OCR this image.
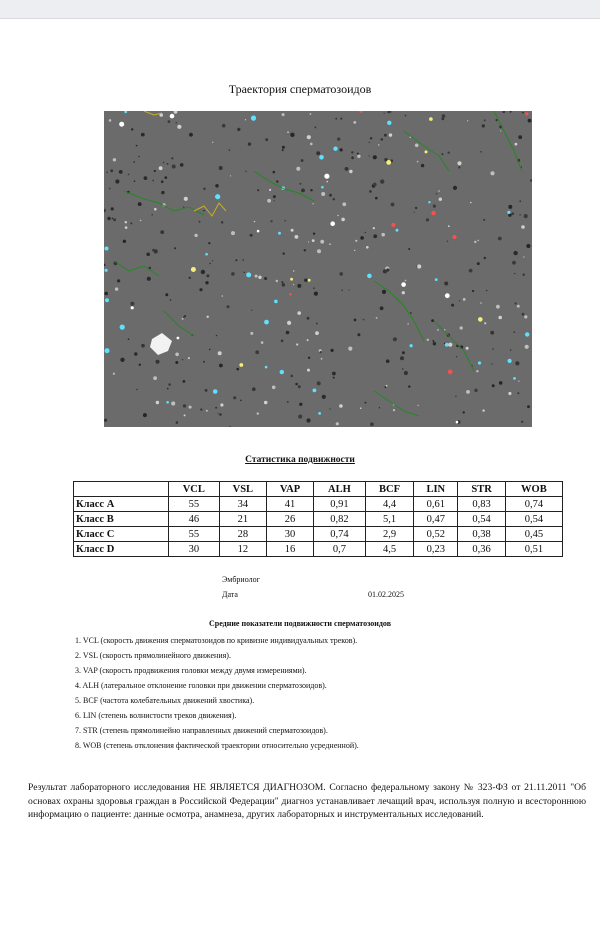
Траектория сперматозоидов
Статистика подвижности
	VCL	VSL	VAP	ALH	BCF	LIN	STR	WOB
Класс A	55	34	41	0,91	4,4	0,61	0,83	0,74
Класс B	46	21	26	0,82	5,1	0,47	0,54	0,54
Класс C	55	28	30	0,74	2,9	0,52	0,38	0,45
Класс D	30	12	16	0,7	4,5	0,23	0,36	0,51
Эмбриолог
Дата	01.02.2025
Средние показатели подвижности сперматозоидов
1. VCL (скорость движения сперматозоидов по кривизне индивидуальных треков).
2. VSL (скорость прямолинейного движения).
3. VAP (скорость продвижения головки между двумя измерениями).
4. ALH (латеральное отклонение головки при движении сперматозоидов).
5. BCF (частота колебательных движений хвостика).
6. LIN (степень волнистости треков движения).
7. STR (степень прямолинейно направленных движений сперматозоидов).
8. WOB (степень отклонения фактической траектории относительно усредненной).
Результат лабораторного исследования НЕ ЯВЛЯЕТСЯ ДИАГНОЗОМ. Согласно федеральному закону № 323-ФЗ от 21.11.2011 "Об основах охраны здоровья граждан в Российской Федерации" диагноз устанавливает лечащий врач, используя полную и всестороннюю информацию о пациенте: данные осмотра, анамнеза, других лабораторных и инструментальных исследований.
